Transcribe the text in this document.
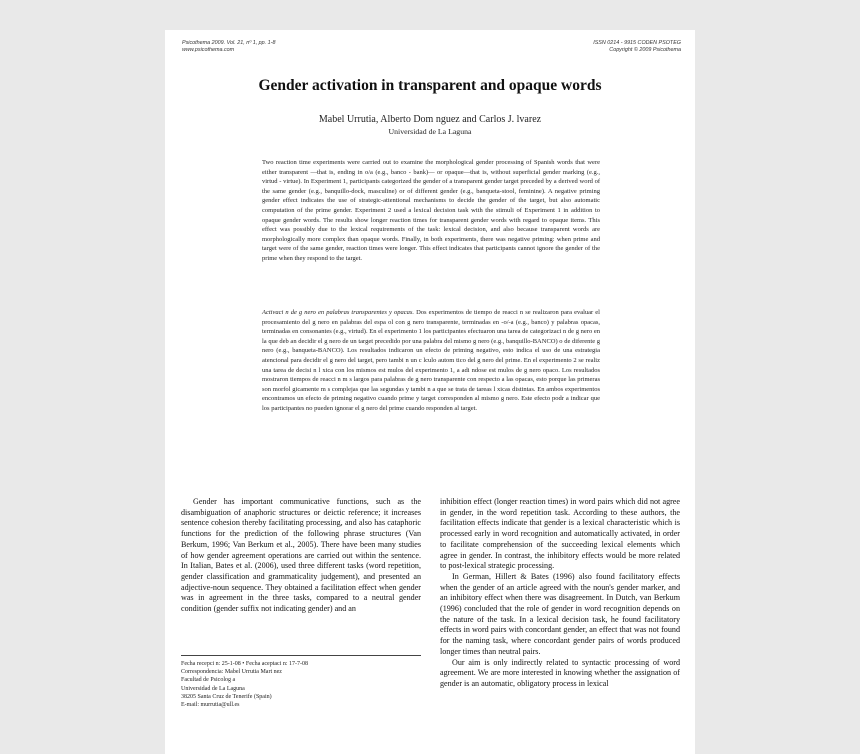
Psicothema 2009. Vol. 21, nº 1, pp. 1-8
www.psicothema.com
ISSN 0214 - 9915 CODEN PSOTEG
Copyright © 2009 Psicothema
Gender activation in transparent and opaque words
Mabel Urrutia, Alberto Dom nguez and Carlos J. lvarez
Universidad de La Laguna
Two reaction time experiments were carried out to examine the morphological gender processing of Spanish words that were either transparent —that is, ending in o/a (e.g., banco - bank)— or opaque—that is, without superficial gender marking (e.g., virtud - virtue). In Experiment 1, participants categorized the gender of a transparent gender target preceded by a derived word of the same gender (e.g., banquillo-dock, masculine) or of different gender (e.g., banqueta-stool, feminine). A negative priming gender effect indicates the use of strategic-attentional mechanisms to decide the gender of the target, but also automatic computation of the prime gender. Experiment 2 used a lexical decision task with the stimuli of Experiment 1 in addition to opaque gender words. The results show longer reaction times for transparent gender words with regard to opaque items. This effect was possibly due to the lexical requirements of the task: lexical decision, and also because transparent words are morphologically more complex than opaque words. Finally, in both experiments, there was negative priming: when prime and target were of the same gender, reaction times were longer. This effect indicates that participants cannot ignore the gender of the prime when they respond to the target.
Activaci n de g nero en palabras transparentes y opacas. Dos experimentos de tiempo de reacci n se realizaron para evaluar el procesamiento del g nero en palabras del espa ol con g nero transparente, terminadas en -o/-a (e.g., banco) y palabras opacas, terminadas en consonantes (e.g., virtud). En el experimento 1 los participantes efectuaron una tarea de categorizaci n de g nero en la que deb an decidir el g nero de un target precedido por una palabra del mismo g nero (e.g., banquillo-BANCO) o de diferente g nero (e.g., banqueta-BANCO). Los resultados indicaron un efecto de priming negativo, esto indica el uso de una estrategia atencional para decidir el g nero del target, pero tambi n un c lculo autom tico del g nero del prime. En el experimento 2 se realiz una tarea de decisi n l xica con los mismos est mulos del experimento 1, a adi ndose est mulos de g nero opaco. Los resultados mostraron tiempos de reacci n m s largos para palabras de g nero transparente con respecto a las opacas, esto porque las primeras son morfol gicamente m s complejas que las segundas y tambi n a que se trata de tareas l xicas distintas. En ambos experimentos encontramos un efecto de priming negativo cuando prime y target corresponden al mismo g nero. Este efecto podr a indicar que los participantes no pueden ignorar el g nero del prime cuando responden al target.

Gender has important communicative functions, such as the disambiguation of anaphoric structures or deictic reference; it increases sentence cohesion thereby facilitating processing, and also has cataphoric functions for the prediction of the following phrase structures (Van Berkum, 1996; Van Berkum et al., 2005). There have been many studies of how gender agreement operations are carried out within the sentence. In Italian, Bates et al. (2006), used three different tasks (word repetition, gender classification and grammaticality judgement), and presented an adjective-noun sequence. They obtained a facilitation effect when gender was in agreement in the three tasks, compared to a neutral gender condition (gender suffix not indicating gender) and an

inhibition effect (longer reaction times) in word pairs which did not agree in gender, in the word repetition task. According to these authors, the facilitation effects indicate that gender is a lexical characteristic which is processed early in word recognition and automatically activated, in order to facilitate comprehension of the succeeding lexical elements which agree in gender. In contrast, the inhibitory effects would be more related to post-lexical strategic processing.

In German, Hillert & Bates (1996) also found facilitatory effects when the gender of an article agreed with the noun's gender marker, and an inhibitory effect when there was disagreement. In Dutch, van Berkum (1996) concluded that the role of gender in word recognition depends on the nature of the task. In a lexical decision task, he found facilitatory effects in word pairs with concordant gender, an effect that was not found for the naming task, where concordant gender pairs of words produced longer times than neutral pairs.

Our aim is only indirectly related to syntactic processing of word agreement. We are more interested in knowing whether the assignation of gender is an automatic, obligatory process in lexical

Fecha recepci n: 25-1-08 • Fecha aceptaci n: 17-7-08
Correspondencia: Mabel Urrutia Mart nez
Facultad de Psicolog a
Universidad de La Laguna
38205 Santa Cruz de Tenerife (Spain)
E-mail: murrutia@ull.es
